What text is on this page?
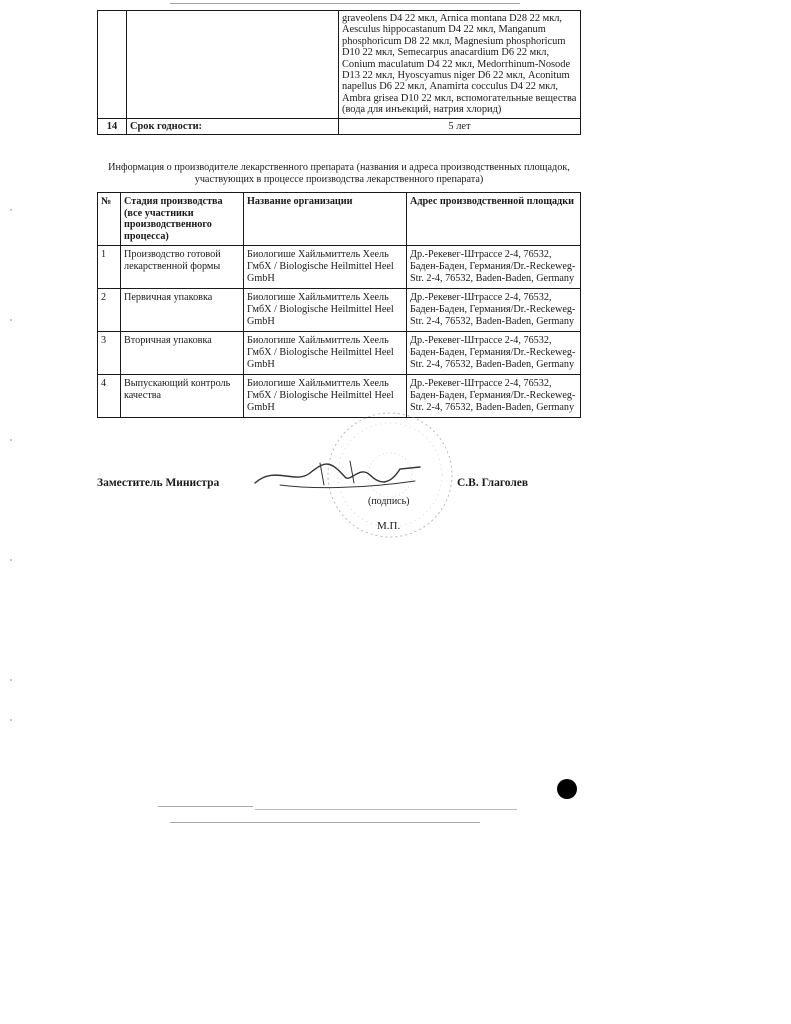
		graveolens D4 22 мкл, Arnica montana D28 22 мкл, Aesculus hippocastanum D4 22 мкл, Manganum phosphoricum D8 22 мкл, Magnesium phosphoricum D10 22 мкл, Semecarpus anacardium D6 22 мкл, Conium maculatum D4 22 мкл, Medorrhinum-Nosode D13 22 мкл, Hyoscyamus niger D6 22 мкл, Aconitum napellus D6 22 мкл, Anamirta cocculus D4 22 мкл, Ambra grisea D10 22 мкл, вспомогательные вещества (вода для инъекций, натрия хлорид)
14	Срок годности:	5 лет
Информация о производителе лекарственного препарата (названия и адреса производственных площадок, участвующих в процессе производства лекарственного препарата)
№	Стадия производства (все участники производственного процесса)	Название организации	Адрес производственной площадки
1	Производство готовой лекарственной формы	Биологише Хайльмиттель Хеель ГмбХ / Biologische Heilmittel Heel GmbH	Др.-Рекевег-Штрассе 2-4, 76532, Баден-Баден, Германия/Dr.-Reckeweg-Str. 2-4, 76532, Baden-Baden, Germany
2	Первичная упаковка	Биологише Хайльмиттель Хеель ГмбХ / Biologische Heilmittel Heel GmbH	Др.-Рекевег-Штрассе 2-4, 76532, Баден-Баден, Германия/Dr.-Reckeweg-Str. 2-4, 76532, Baden-Baden, Germany
3	Вторичная упаковка	Биологише Хайльмиттель Хеель ГмбХ / Biologische Heilmittel Heel GmbH	Др.-Рекевег-Штрассе 2-4, 76532, Баден-Баден, Германия/Dr.-Reckeweg-Str. 2-4, 76532, Baden-Baden, Germany
4	Выпускающий контроль качества	Биологише Хайльмиттель Хеель ГмбХ / Biologische Heilmittel Heel GmbH	Др.-Рекевег-Штрассе 2-4, 76532, Баден-Баден, Германия/Dr.-Reckeweg-Str. 2-4, 76532, Baden-Baden, Germany
Заместитель Министра	С.В. Глаголев
(подпись)
М.П.
